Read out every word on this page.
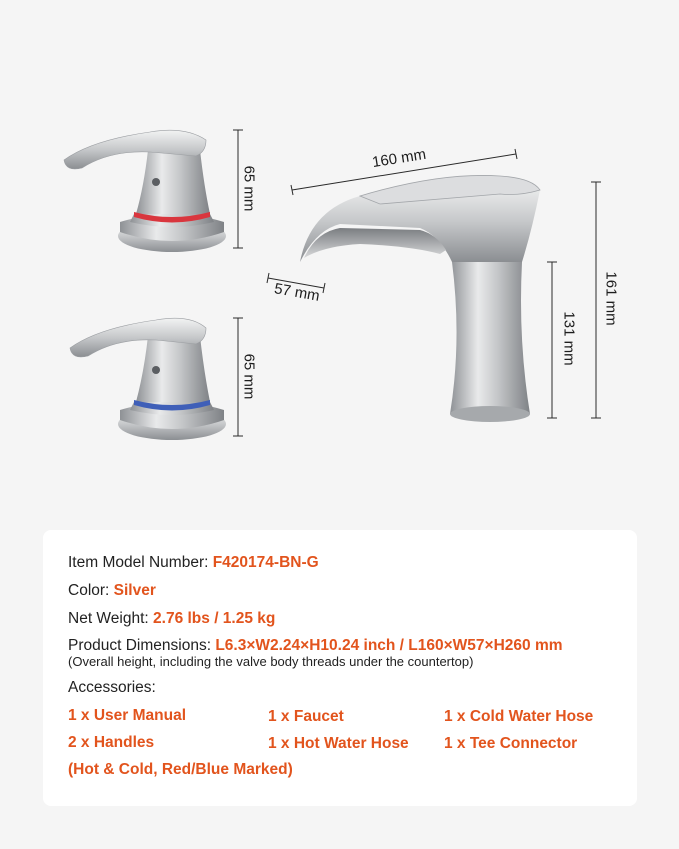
65 mm
65 mm
160 mm
57 mm
131 mm
161 mm
Item Model Number: F420174-BN-G
Color: Silver
Net Weight: 2.76 lbs / 1.25 kg
Product Dimensions: L6.3×W2.24×H10.24 inch / L160×W57×H260 mm
(Overall height, including the valve body threads under the countertop)
Accessories:
1 x User Manual
2 x Handles
(Hot & Cold, Red/Blue Marked)
1 x Faucet
1 x Hot Water Hose
1 x Cold Water Hose
1 x Tee Connector
